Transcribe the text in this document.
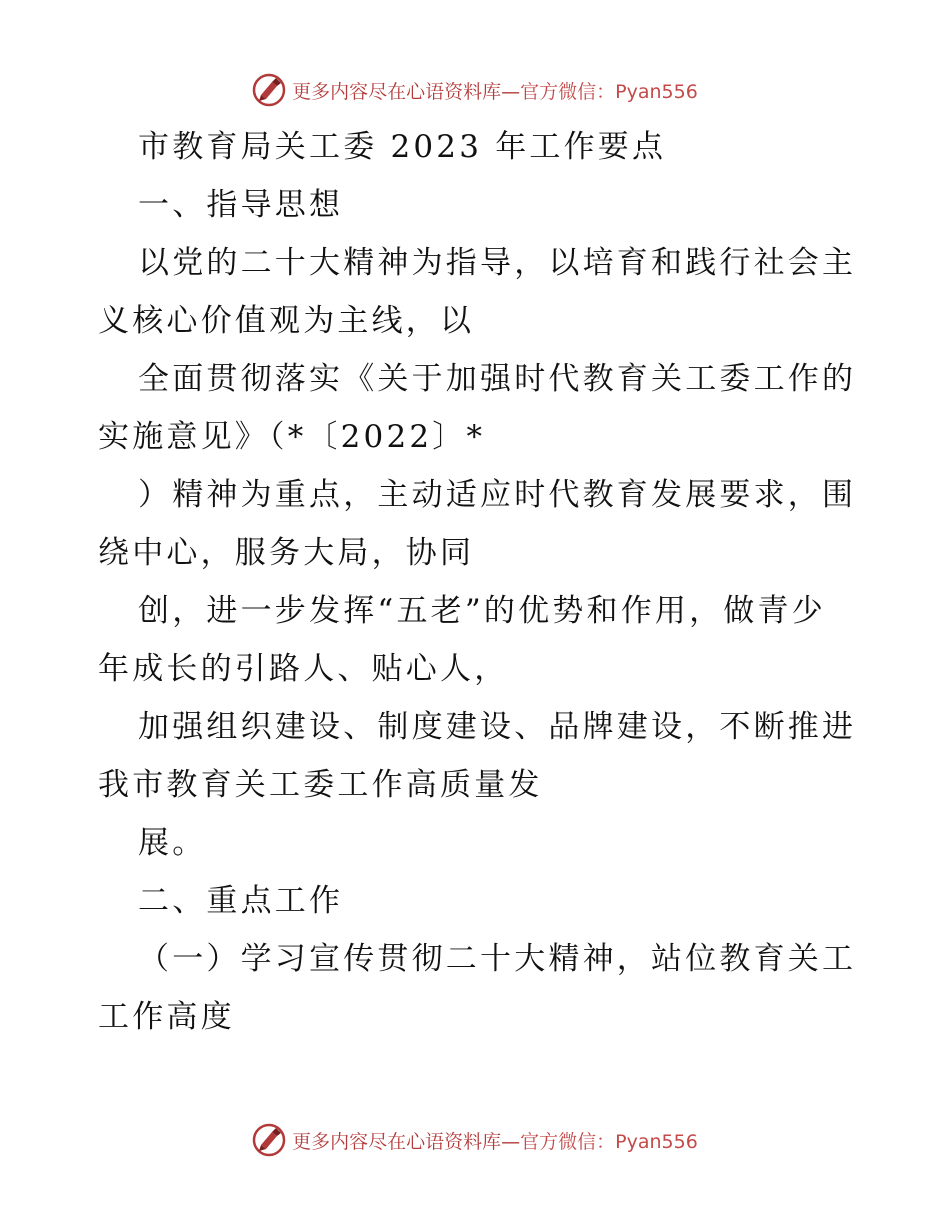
更多内容尽在心语资料库—官方微信：Pyan556
市教育局关工委 2023 年工作要点
一、指导思想
以党的二十大精神为指导，以培育和践行社会主
义核心价值观为主线，以
全面贯彻落实《关于加强时代教育关工委工作的
实施意见》（*〔2022〕*
）精神为重点，主动适应时代教育发展要求，围
绕中心，服务大局，协同
创，进一步发挥“五老”的优势和作用，做青少
年成长的引路人、贴心人，
加强组织建设、制度建设、品牌建设，不断推进
我市教育关工委工作高质量发
展。
二、重点工作
（一）学习宣传贯彻二十大精神，站位教育关工
工作高度
更多内容尽在心语资料库—官方微信：Pyan556
